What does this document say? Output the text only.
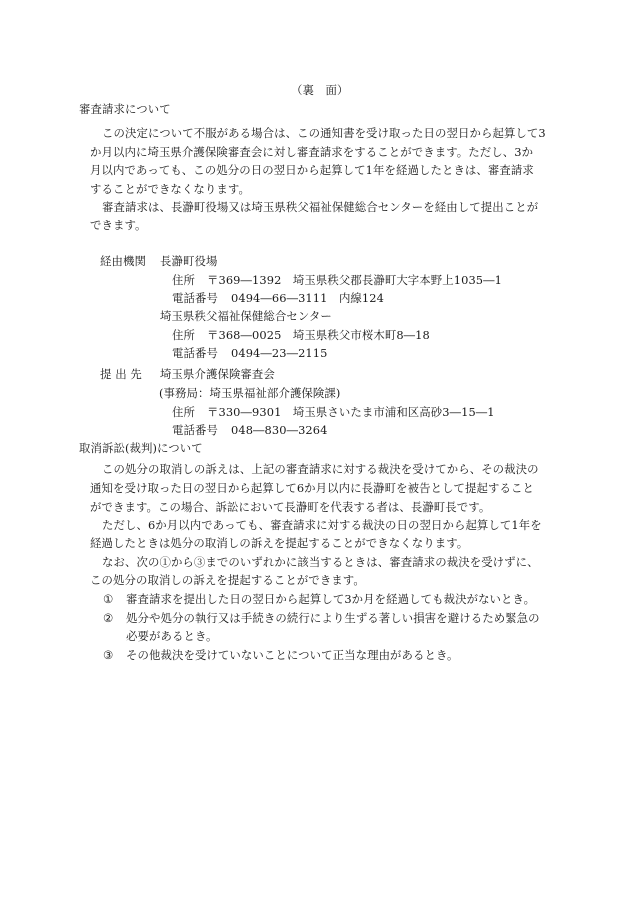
（裏　面）
審査請求について
この決定について不服がある場合は、この通知書を受け取った日の翌日から起算して3
か月以内に埼玉県介護保険審査会に対し審査請求をすることができます。ただし、3か
月以内であっても、この処分の日の翌日から起算して1年を経過したときは、審査請求
することができなくなります。
審査請求は、長瀞町役場又は埼玉県秩父福祉保健総合センターを経由して提出ことが
できます。
経由機関 長瀞町役場
住所 〒369―1392　埼玉県秩父郡長瀞町大字本野上1035―1
電話番号 0494―66―3111　内線124
埼玉県秩父福祉保健総合センター
住所 〒368―0025　埼玉県秩父市桜木町8―18
電話番号 0494―23―2115
提 出 先 埼玉県介護保険審査会
(事務局：埼玉県福祉部介護保険課)
住所 〒330―9301　埼玉県さいたま市浦和区高砂3―15―1
電話番号 048―830―3264
取消訴訟(裁判)について
この処分の取消しの訴えは、上記の審査請求に対する裁決を受けてから、その裁決の
通知を受け取った日の翌日から起算して6か月以内に長瀞町を被告として提起すること
ができます。この場合、訴訟において長瀞町を代表する者は、長瀞町長です。
ただし、6か月以内であっても、審査請求に対する裁決の日の翌日から起算して1年を
経過したときは処分の取消しの訴えを提起することができなくなります。
なお、次の①から③までのいずれかに該当するときは、審査請求の裁決を受けずに、
この処分の取消しの訴えを提起することができます。
① 審査請求を提出した日の翌日から起算して3か月を経過しても裁決がないとき。
② 処分や処分の執行又は手続きの続行により生ずる著しい損害を避けるため緊急の
必要があるとき。
③ その他裁決を受けていないことについて正当な理由があるとき。
